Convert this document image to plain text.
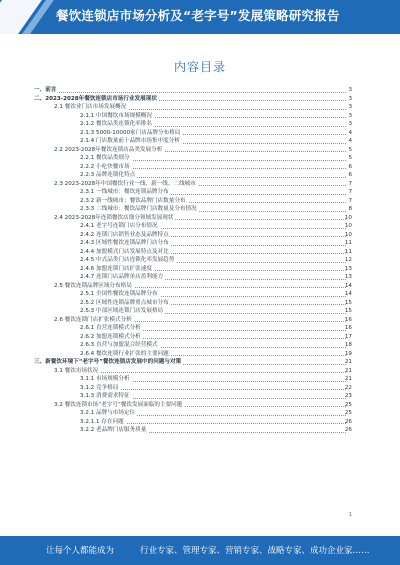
餐饮连锁店市场分析及“老字号”发展策略研究报告
内容目录
一、前言	3
二、2023-2028年餐饮连锁店市场行业发展现状	3
2.1 餐饮业门店市场发展概况	3
2.1.1 中国餐饮市场规模概况	3
2.1.2 餐饮品类连锁化率排名	3
2.1.3 5000-10000家门店品牌分布格局	4
2.1.4 门店数量前十品牌市场集中度分析	4
2.2 2023-2028年餐饮连锁店品类发展分析	5
2.2.1 餐饮品类细分	5
2.2.2 小吃快餐市场	6
2.2.3 品牌连锁化特点	6
2.3 2023-2028年中国餐饮行业一线、新一线、二线城市	7
2.3.1 一线城市：餐饮连锁品牌分布	7
2.3.2 新一线城市：餐饮品牌门店数量分布	7
2.3.3 二线城市：餐饮品牌门店数量及分布情况	8
2.4 2023-2028年连锁餐饮店细分领域发展现状	10
2.4.1 老字号连锁门店分布情况	10
2.4.2 连锁门店销售业态及品牌特点	10
2.4.3 区域性餐饮连锁品牌门店分布	11
2.4.4 加盟模式门店发展特点及对比	11
2.4.5 中式品类门店连锁化率发展趋势	12
2.4.6 加盟连锁门店扩张速度	13
2.4.7 连锁门店品牌单店盈利能力	13
2.5 餐饮连锁品牌区域分布格局	14
2.5.1 全国性餐饮连锁品牌分布	14
2.5.2 区域性连锁品牌重点城市分布	15
2.5.3 中部区域连锁门店发展格局	15
2.6 餐饮连锁门店扩张模式分析	16
2.6.1 直营连锁模式分析	16
2.6.2 加盟连锁模式分析	17
2.6.3 直营与加盟混合经营模式	18
2.6.4 餐饮连锁行业扩张的主要问题	19
三、新餐饮环境下“老字号”餐饮连锁店发展中的问题与对策	21
3.1 餐饮市场状况	21
3.1.1 市场规模分析	21
3.1.2 竞争格局	22
3.1.3 消费需求特征	23
3.2 餐饮连锁市场“老字号”餐饮发展面临的主要问题	25
3.2.1 品牌与市场定位	25
3.2.1.1 存在问题	26
3.2.2 老品牌门店服务质量	26
1
让每个人都能成为	行业专家、管理专家、营销专家、战略专家、成功企业家……
